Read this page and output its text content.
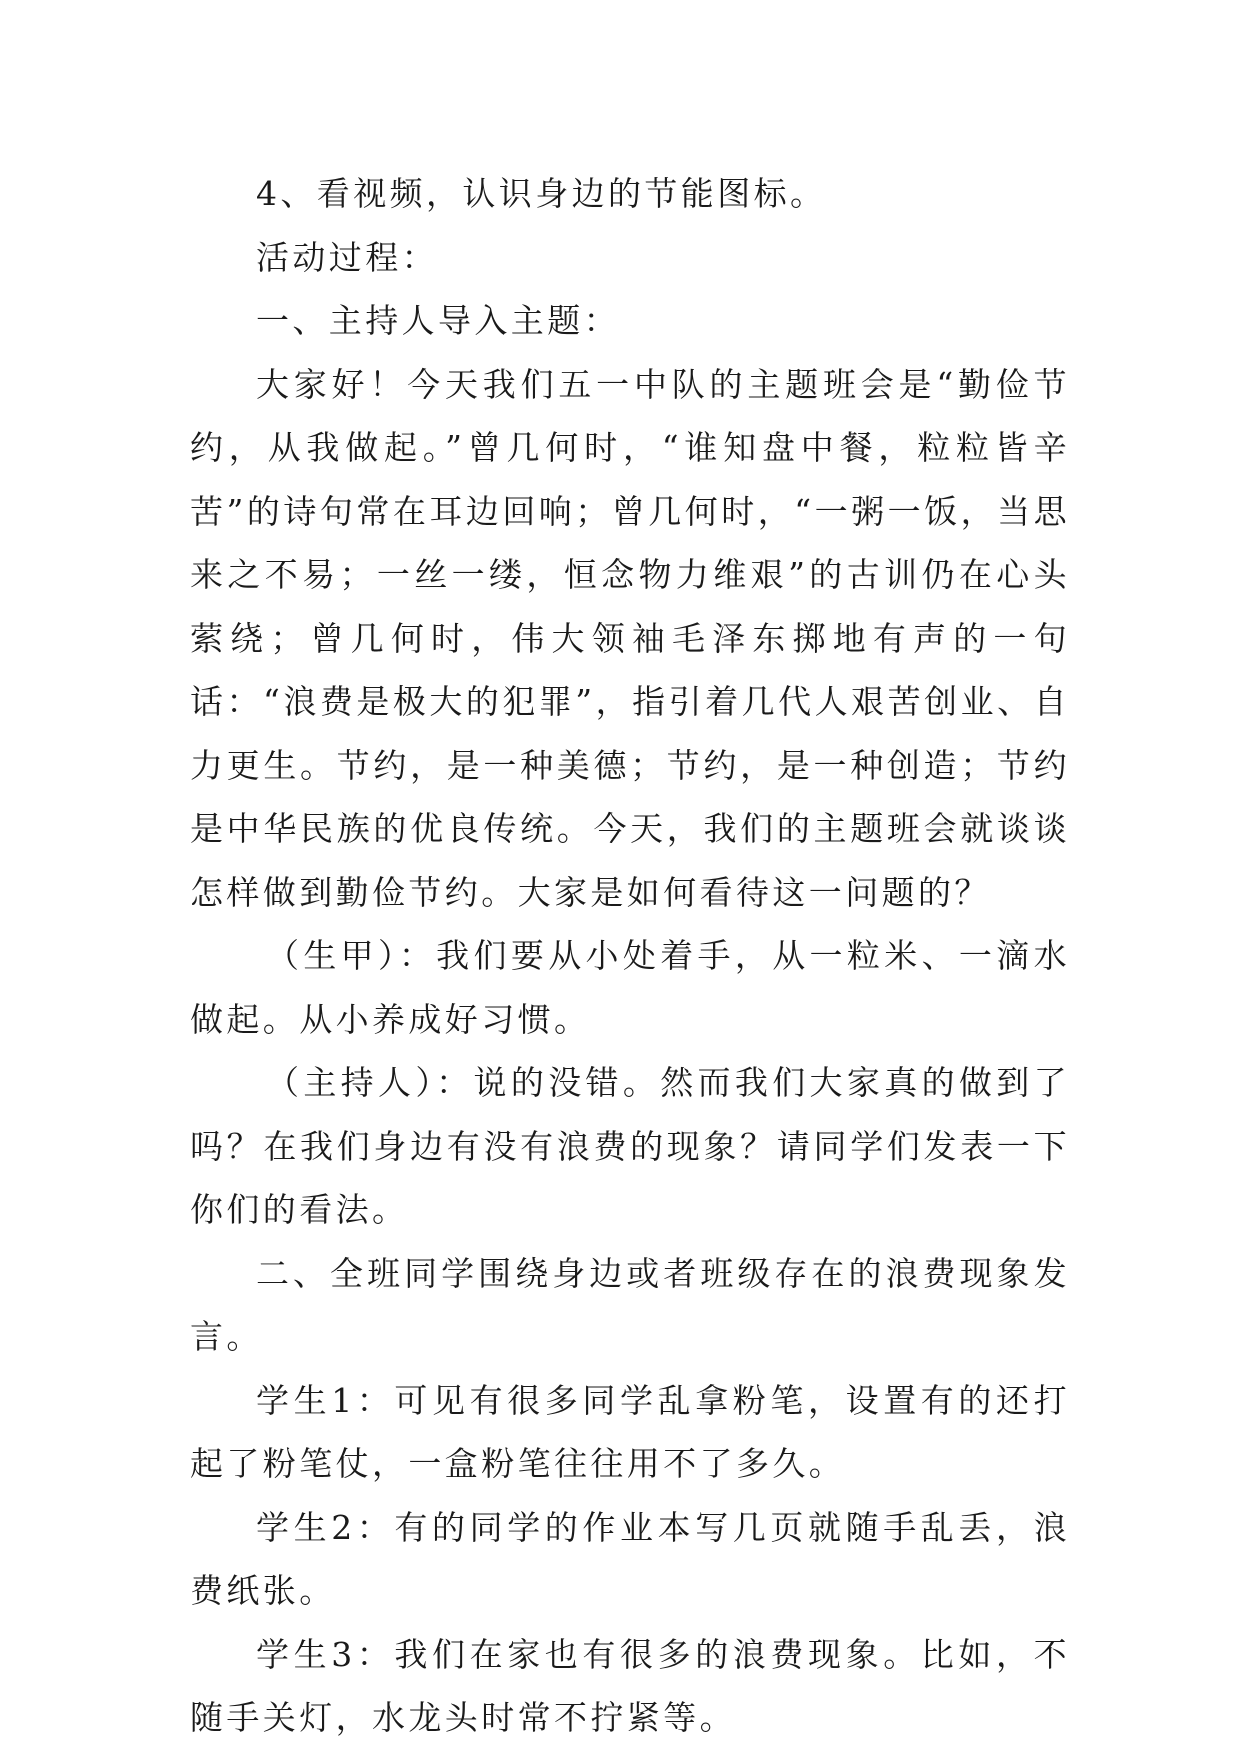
4、看视频，认识身边的节能图标。

活动过程：

一、主持人导入主题：

大家好！今天我们五一中队的主题班会是“勤俭节约，从我做起。”曾几何时，“谁知盘中餐，粒粒皆辛苦”的诗句常在耳边回响；曾几何时，“一粥一饭，当思来之不易；一丝一缕，恒念物力维艰”的古训仍在心头萦绕；曾几何时，伟大领袖毛泽东掷地有声的一句话：“浪费是极大的犯罪”，指引着几代人艰苦创业、自力更生。节约，是一种美德；节约，是一种创造；节约是中华民族的优良传统。今天，我们的主题班会就谈谈怎样做到勤俭节约。大家是如何看待这一问题的？

（生甲）：我们要从小处着手，从一粒米、一滴水做起。从小养成好习惯。

（主持人）：说的没错。然而我们大家真的做到了吗？在我们身边有没有浪费的现象？请同学们发表一下你们的看法。

二、全班同学围绕身边或者班级存在的浪费现象发言。

学生1：可见有很多同学乱拿粉笔，设置有的还打起了粉笔仗，一盒粉笔往往用不了多久。

学生2：有的同学的作业本写几页就随手乱丢，浪费纸张。

学生3：我们在家也有很多的浪费现象。比如，不随手关灯，水龙头时常不拧紧等。
